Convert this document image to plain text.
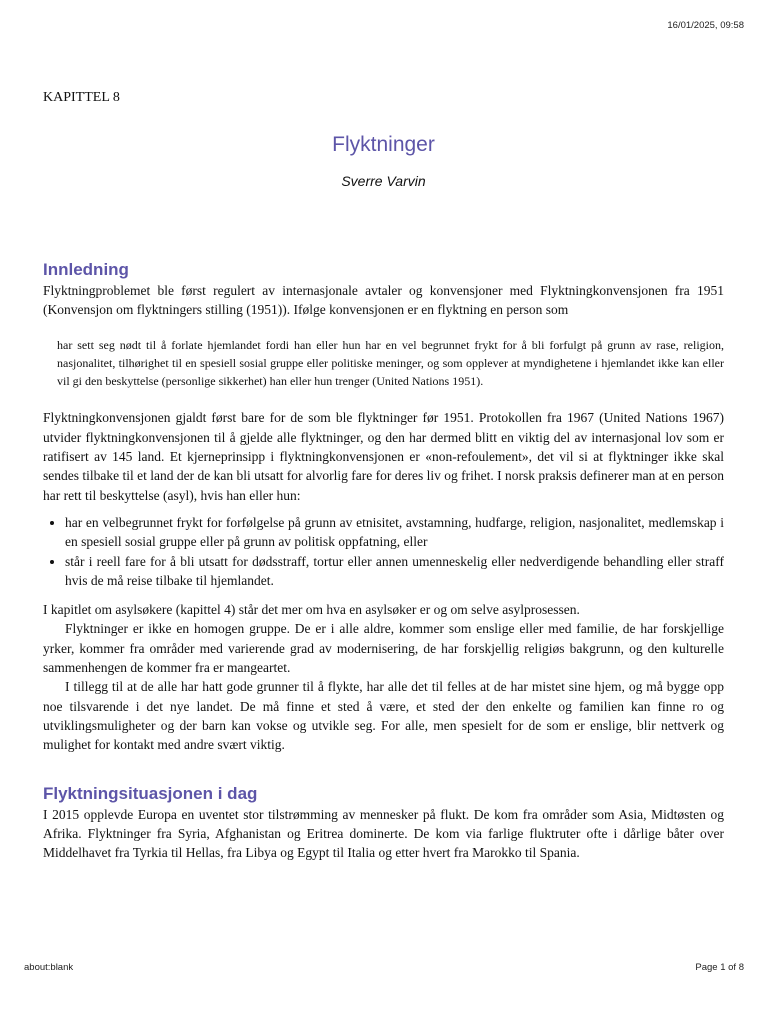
16/01/2025, 09:58
KAPITTEL 8
Flyktninger
Sverre Varvin
Innledning

Flyktningproblemet ble først regulert av internasjonale avtaler og konvensjoner med Flyktningkonvensjonen fra 1951 (Konvensjon om flyktningers stilling (1951)). Ifølge konvensjonen er en flyktning en person som

har sett seg nødt til å forlate hjemlandet fordi han eller hun har en vel begrunnet frykt for å bli forfulgt på grunn av rase, religion, nasjonalitet, tilhørighet til en spesiell sosial gruppe eller politiske meninger, og som opplever at myndighetene i hjemlandet ikke kan eller vil gi den beskyttelse (personlige sikkerhet) han eller hun trenger (United Nations 1951).

Flyktningkonvensjonen gjaldt først bare for de som ble flyktninger før 1951. Protokollen fra 1967 (United Nations 1967) utvider flyktningkonvensjonen til å gjelde alle flyktninger, og den har dermed blitt en viktig del av internasjonal lov som er ratifisert av 145 land. Et kjerneprinsipp i flyktningkonvensjonen er «non-refoulement», det vil si at flyktninger ikke skal sendes tilbake til et land der de kan bli utsatt for alvorlig fare for deres liv og frihet. I norsk praksis definerer man at en person har rett til beskyttelse (asyl), hvis han eller hun:

• har en velbegrunnet frykt for forfølgelse på grunn av etnisitet, avstamning, hudfarge, religion, nasjonalitet, medlemskap i en spesiell sosial gruppe eller på grunn av politisk oppfatning, eller
• står i reell fare for å bli utsatt for dødsstraff, tortur eller annen umenneskelig eller nedverdigende behandling eller straff hvis de må reise tilbake til hjemlandet.

I kapitlet om asylsøkere (kapittel 4) står det mer om hva en asylsøker er og om selve asylprosessen.

Flyktninger er ikke en homogen gruppe. De er i alle aldre, kommer som enslige eller med familie, de har forskjellige yrker, kommer fra områder med varierende grad av modernisering, de har forskjellig religiøs bakgrunn, og den kulturelle sammenhengen de kommer fra er mangeartet.

I tillegg til at de alle har hatt gode grunner til å flykte, har alle det til felles at de har mistet sine hjem, og må bygge opp noe tilsvarende i det nye landet. De må finne et sted å være, et sted der den enkelte og familien kan finne ro og utviklingsmuligheter og der barn kan vokse og utvikle seg. For alle, men spesielt for de som er enslige, blir nettverk og mulighet for kontakt med andre svært viktig.

Flyktningsituasjonen i dag

I 2015 opplevde Europa en uventet stor tilstrømming av mennesker på flukt. De kom fra områder som Asia, Midtøsten og Afrika. Flyktninger fra Syria, Afghanistan og Eritrea dominerte. De kom via farlige fluktruter ofte i dårlige båter over Middelhavet fra Tyrkia til Hellas, fra Libya og Egypt til Italia og etter hvert fra Marokko til Spania.

about:blank	Page 1 of 8
